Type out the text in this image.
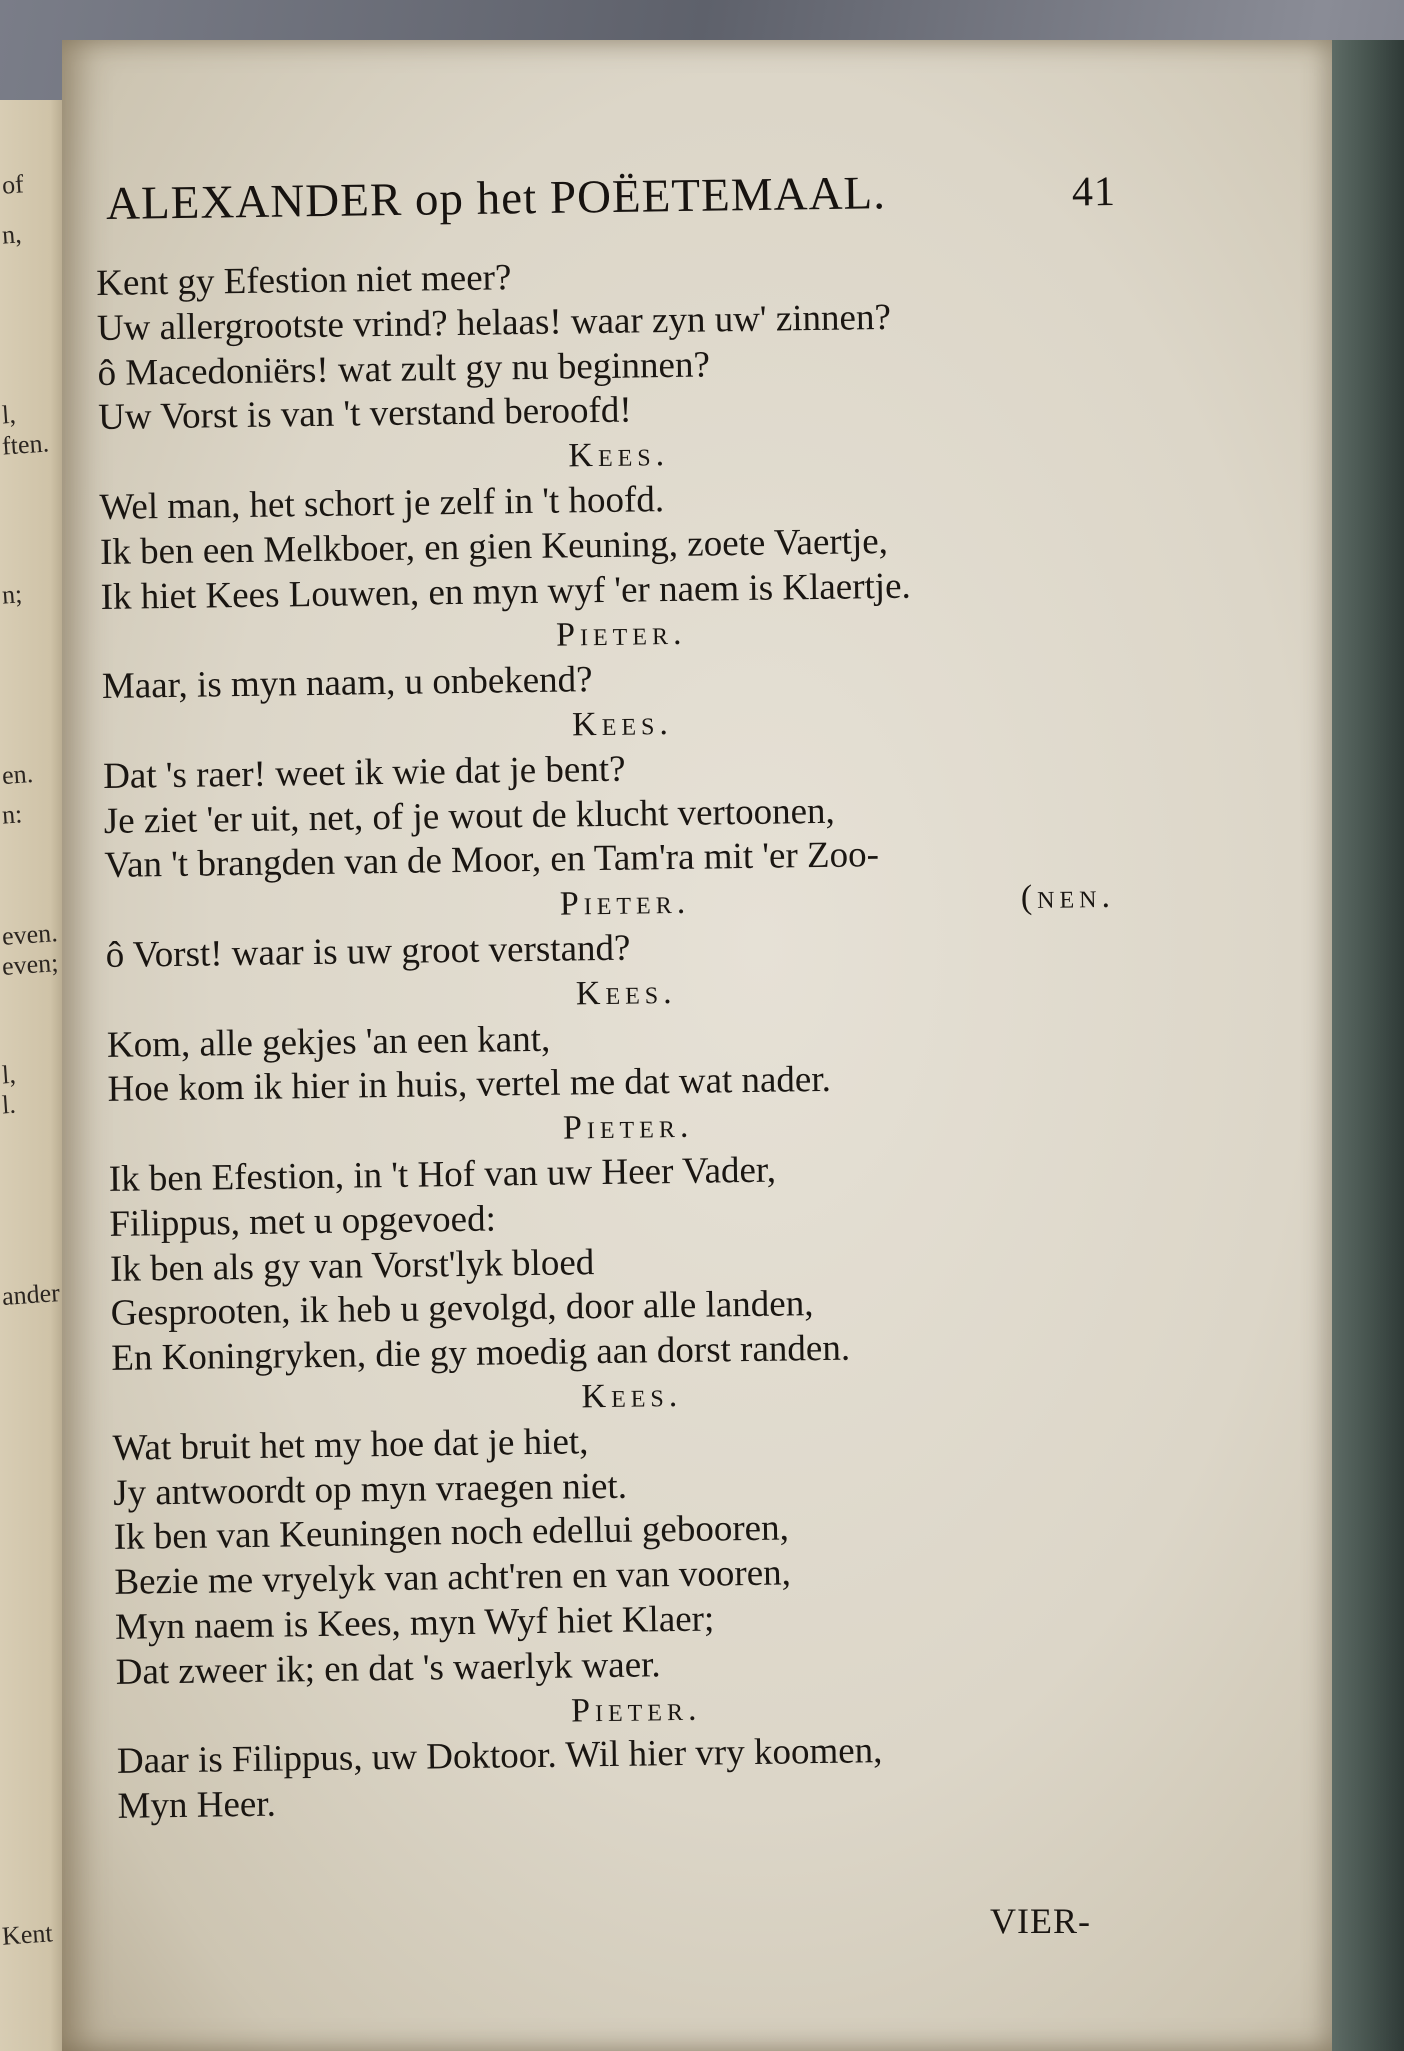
of
n,
l,
ften.
n;
en.
n:
even.
even;
l,
l.
ander
Kent
ALEXANDER op het POËETEMAAL.	41
Kent gy Efestion niet meer?
Uw allergrootste vrind? helaas! waar zyn uw' zinnen?
ô Macedoniërs! wat zult gy nu beginnen?
Uw Vorst is van 't verstand beroofd!
Kees.
Wel man, het schort je zelf in 't hoofd.
Ik ben een Melkboer, en gien Keuning, zoete Vaertje,
Ik hiet Kees Louwen, en myn wyf 'er naem is Klaertje.
Pieter.
Maar, is myn naam, u onbekend?
Kees.
Dat 's raer! weet ik wie dat je bent?
Je ziet 'er uit, net, of je wout de klucht vertoonen,
Van 't brangden van de Moor, en Tam'ra mit 'er Zoo-
Pieter.	(nen.
ô Vorst! waar is uw groot verstand?
Kees.
Kom, alle gekjes 'an een kant,
Hoe kom ik hier in huis, vertel me dat wat nader.
Pieter.
Ik ben Efestion, in 't Hof van uw Heer Vader,
Filippus, met u opgevoed:
Ik ben als gy van Vorst'lyk bloed
Gesprooten, ik heb u gevolgd, door alle landen,
En Koningryken, die gy moedig aan dorst randen.
Kees.
Wat bruit het my hoe dat je hiet,
Jy antwoordt op myn vraegen niet.
Ik ben van Keuningen noch edellui gebooren,
Bezie me vryelyk van acht'ren en van vooren,
Myn naem is Kees, myn Wyf hiet Klaer;
Dat zweer ik; en dat 's waerlyk waer.
Pieter.
Daar is Filippus, uw Doktoor. Wil hier vry koomen,
Myn Heer.
VIER-
